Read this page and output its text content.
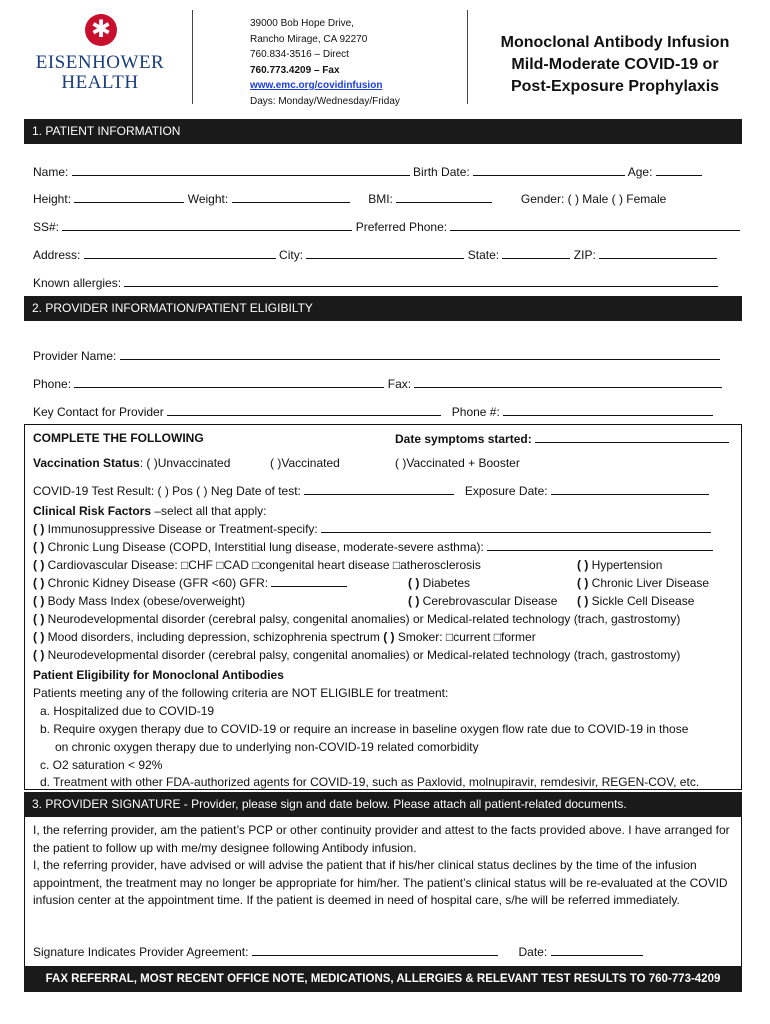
✱
EISENHOWER
HEALTH
39000 Bob Hope Drive,
Rancho Mirage, CA 92270
760.834-3516 – Direct
760.773.4209 – Fax
www.emc.org/covidinfusion
Days: Monday/Wednesday/Friday
Monoclonal Antibody Infusion
Mild-Moderate COVID-19 or
Post-Exposure Prophylaxis
1. PATIENT INFORMATION
Name:	Birth Date:	Age:
Height:	Weight:	BMI:	Gender: ( ) Male ( ) Female
SS#:	Preferred Phone:
Address:	City:	State:	ZIP:
Known allergies:
2. PROVIDER INFORMATION/PATIENT ELIGIBILTY
Provider Name:
Phone:	Fax:
Key Contact for Provider	Phone #:
COMPLETE THE FOLLOWING	Date symptoms started:
Vaccination Status: ( )Unvaccinated	( )Vaccinated	( )Vaccinated + Booster
COVID-19 Test Result: ( ) Pos ( ) Neg Date of test:	Exposure Date:
Clinical Risk Factors –select all that apply:
( ) Immunosuppressive Disease or Treatment-specify:
( ) Chronic Lung Disease (COPD, Interstitial lung disease, moderate-severe asthma):
( ) Cardiovascular Disease: □CHF □CAD □congenital heart disease □atherosclerosis	( ) Hypertension
( ) Chronic Kidney Disease (GFR <60) GFR:	( ) Diabetes	( ) Chronic Liver Disease
( ) Body Mass Index (obese/overweight)	( ) Cerebrovascular Disease ( ) Sickle Cell Disease
( ) Neurodevelopmental disorder (cerebral palsy, congenital anomalies) or Medical-related technology (trach, gastrostomy)
( ) Mood disorders, including depression, schizophrenia spectrum ( ) Smoker: □current □former
( ) Neurodevelopmental disorder (cerebral palsy, congenital anomalies) or Medical-related technology (trach, gastrostomy)
Patient Eligibility for Monoclonal Antibodies
Patients meeting any of the following criteria are NOT ELIGIBLE for treatment:
a. Hospitalized due to COVID-19
b. Require oxygen therapy due to COVID-19 or require an increase in baseline oxygen flow rate due to COVID-19 in those
on chronic oxygen therapy due to underlying non-COVID-19 related comorbidity
c. O2 saturation < 92%
d. Treatment with other FDA-authorized agents for COVID-19, such as Paxlovid, molnupiravir, remdesivir, REGEN-COV, etc.
3. PROVIDER SIGNATURE - Provider, please sign and date below. Please attach all patient-related documents.
I, the referring provider, am the patient’s PCP or other continuity provider and attest to the facts provided above. I have arranged for the patient to follow up with me/my designee following Antibody infusion.
I, the referring provider, have advised or will advise the patient that if his/her clinical status declines by the time of the infusion appointment, the treatment may no longer be appropriate for him/her. The patient’s clinical status will be re-evaluated at the COVID infusion center at the appointment time. If the patient is deemed in need of hospital care, s/he will be referred immediately.
Signature Indicates Provider Agreement:	Date:
FAX REFERRAL, MOST RECENT OFFICE NOTE, MEDICATIONS, ALLERGIES & RELEVANT TEST RESULTS TO 760-773-4209
